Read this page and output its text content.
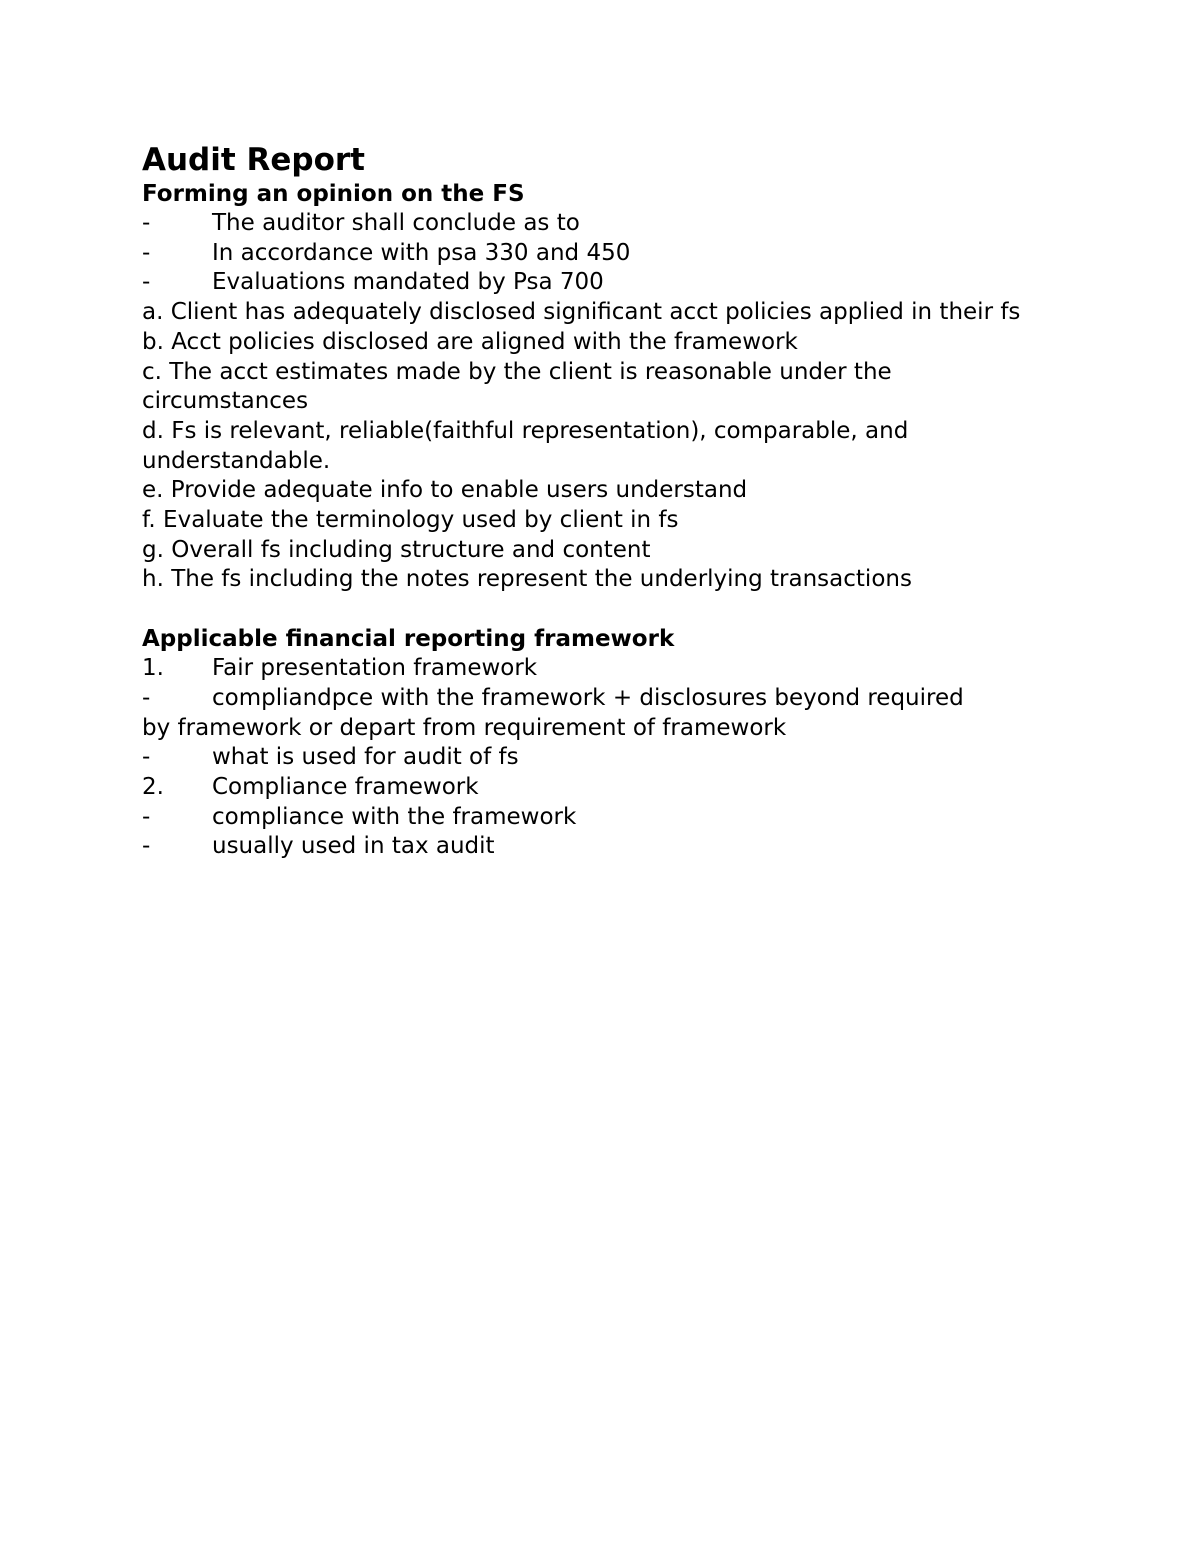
Audit Report
Forming an opinion on the FS
-	The auditor shall conclude as to
-	In accordance with psa 330 and 450
-	Evaluations mandated by Psa 700
a. Client has adequately disclosed significant acct policies applied in their fs
b. Acct policies disclosed are aligned with the framework
c. The acct estimates made by the client is reasonable under the circumstances
d. Fs is relevant, reliable(faithful representation), comparable, and understandable.
e. Provide adequate info to enable users understand
f. Evaluate the terminology used by client in fs
g. Overall fs including structure and content
h. The fs including the notes represent the underlying transactions
Applicable financial reporting framework
1.	Fair presentation framework
-	compliandpce with the framework + disclosures beyond required
by framework or depart from requirement of framework
-	what is used for audit of fs
2.	Compliance framework
-	compliance with the framework
-	usually used in tax audit
